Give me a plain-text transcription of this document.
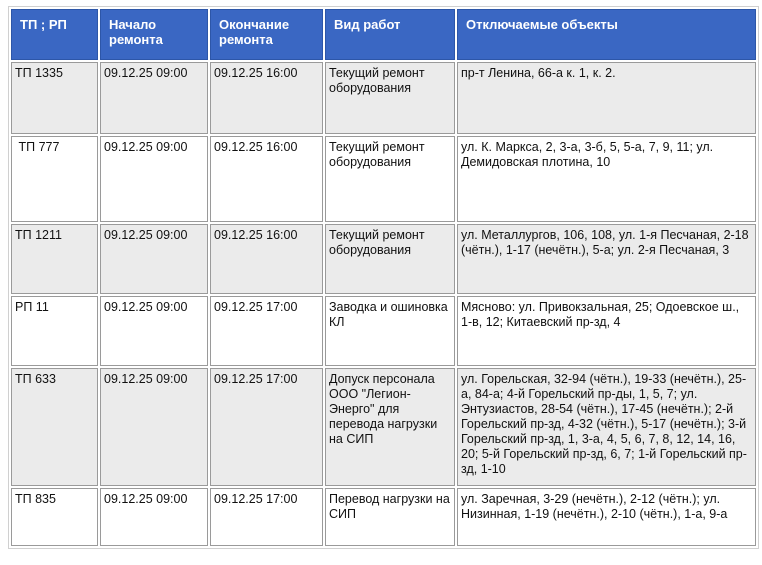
ТП ; РП	Начало ремонта	Окончание ремонта	Вид работ	Отключаемые объекты
ТП 1335	09.12.25 09:00	09.12.25 16:00	Текущий ремонт оборудования	пр-т Ленина, 66-а к. 1, к. 2.
ТП 777	09.12.25 09:00	09.12.25 16:00	Текущий ремонт оборудования	ул. К. Маркса, 2, 3-а, 3-б, 5, 5-а, 7, 9, 11; ул. Демидовская плотина, 10
ТП 1211	09.12.25 09:00	09.12.25 16:00	Текущий ремонт оборудования	ул. Металлургов, 106, 108, ул. 1-я Песчаная, 2-18 (чётн.), 1-17 (нечётн.), 5-а; ул. 2-я Песчаная, 3
РП 11	09.12.25 09:00	09.12.25 17:00	Заводка и ошиновка КЛ	Мясново: ул. Привокзальная, 25; Одоевское ш., 1-в, 12; Китаевский пр-зд, 4
ТП 633	09.12.25 09:00	09.12.25 17:00	Допуск персонала ООО "Легион-Энерго" для перевода нагрузки на СИП	ул. Горельская, 32-94 (чётн.), 19-33 (нечётн.), 25-а, 84-а; 4-й Горельский пр-ды, 1, 5, 7; ул. Энтузиастов, 28-54 (чётн.), 17-45 (нечётн.); 2-й Горельский пр-зд, 4-32 (чётн.), 5-17 (нечётн.); 3-й Горельский пр-зд, 1, 3-а, 4, 5, 6, 7, 8, 12, 14, 16, 20; 5-й Горельский пр-зд, 6, 7; 1-й Горельский пр-зд, 1-10
ТП 835	09.12.25 09:00	09.12.25 17:00	Перевод нагрузки на СИП	ул. Заречная, 3-29 (нечётн.), 2-12 (чётн.); ул. Низинная, 1-19 (нечётн.), 2-10 (чётн.), 1-а, 9-а
